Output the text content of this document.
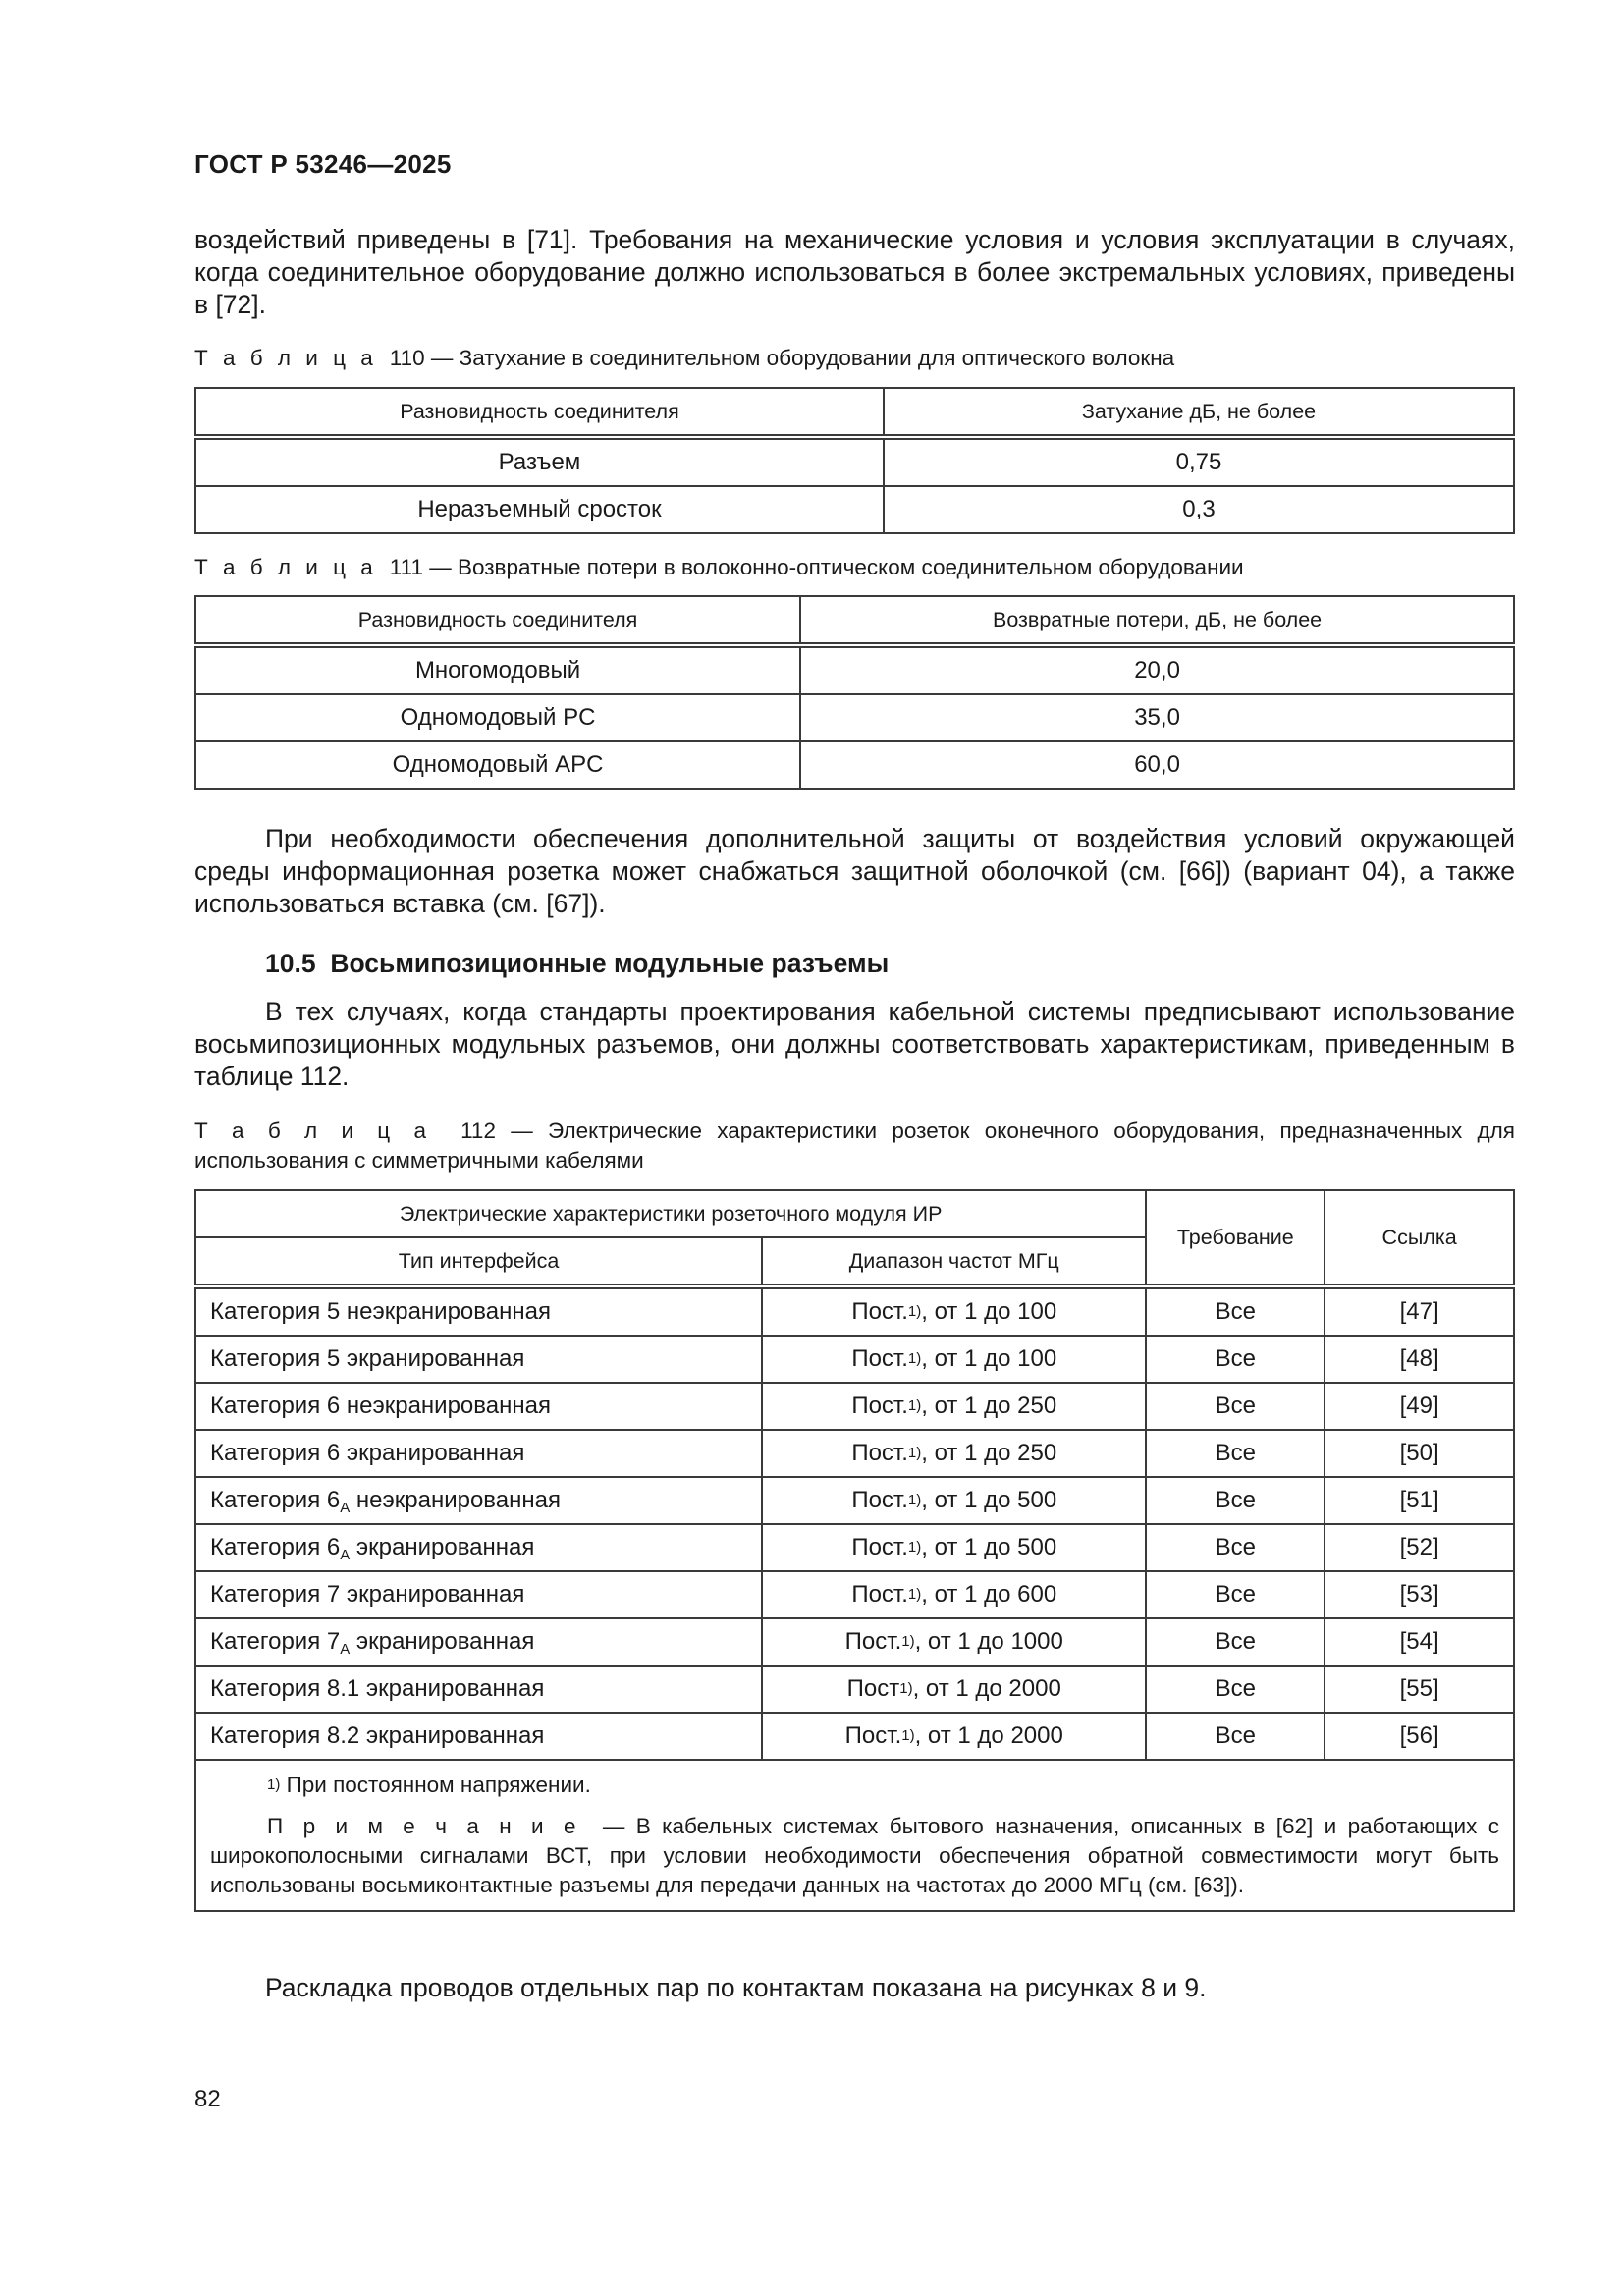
ГОСТ Р 53246—2025

воздействий приведены в [71]. Требования на механические условия и условия эксплуатации в случаях, когда соединительное оборудование должно использоваться в более экстремальных условиях, приведены в [72].

Т а б л и ц а 110 — Затухание в соединительном оборудовании для оптического волокна
Разновидность соединителя	Затухание дБ, не более
Разъем	0,75
Неразъемный сросток	0,3
Т а б л и ц а 111 — Возвратные потери в волоконно-оптическом соединительном оборудовании
Разновидность соединителя	Возвратные потери, дБ, не более
Многомодовый	20,0
Одномодовый PC	35,0
Одномодовый APC	60,0
При необходимости обеспечения дополнительной защиты от воздействия условий окружающей среды информационная розетка может снабжаться защитной оболочкой (см. [66]) (вариант 04), а также использоваться вставка (см. [67]).
10.5 Восьмипозиционные модульные разъемы
В тех случаях, когда стандарты проектирования кабельной системы предписывают использование восьмипозиционных модульных разъемов, они должны соответствовать характеристикам, приведенным в таблице 112.
Т а б л и ц а 112 — Электрические характеристики розеток оконечного оборудования, предназначенных для использования с симметричными кабелями
Электрические характеристики розеточного модуля ИР		Требование	Ссылка
Тип интерфейса	Диапазон частот МГц		
Категория 5 неэкранированная	Пост.$^{1)}$, от 1 до 100	Все	[47]
Категория 5 экранированная	Пост.$^{1)}$, от 1 до 100	Все	[48]
Категория 6 неэкранированная	Пост.$^{1)}$, от 1 до 250	Все	[49]
Категория 6 экранированная	Пост.$^{1)}$, от 1 до 250	Все	[50]
Категория $6_A$ неэкранированная	Пост.$^{1)}$, от 1 до 500	Все	[51]
Категория $6_A$ экранированная	Пост.$^{1)}$, от 1 до 500	Все	[52]
Категория 7 экранированная	Пост.$^{1)}$, от 1 до 600	Все	[53]
Категория $7_A$ экранированная	Пост.$^{1)}$, от 1 до 1000	Все	[54]
Категория 8.1 экранированная	Пост$^{1)}$, от 1 до 2000	Все	[55]
Категория 8.2 экранированная	Пост.$^{1)}$, от 1 до 2000	Все	[56]

$^{1)}$ При постоянном напряжении.

П р и м е ч а н и е — В кабельных системах бытового назначения, описанных в [62] и работающих с широкополосными сигналами ВСТ, при условии необходимости обеспечения обратной совместимости могут быть использованы восьмиконтактные разъемы для передачи данных на частотах до 2000 МГц (см. [63]).			

Раскладка проводов отдельных пар по контактам показана на рисунках 8 и 9.
82
